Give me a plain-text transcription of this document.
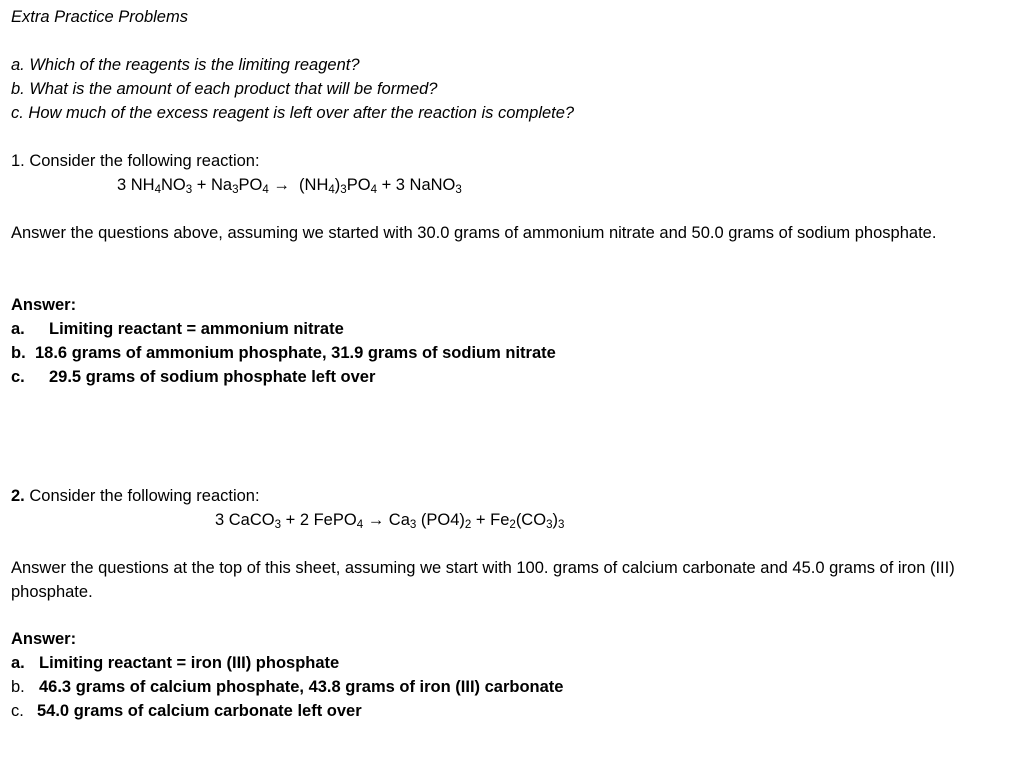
Extra Practice Problems
a. Which of the reagents is the limiting reagent?
b. What is the amount of each product that will be formed?
c. How much of the excess reagent is left over after the reaction is complete?
1. Consider the following reaction:
3 $NH_4NO_3 + Na_3PO_4 \to (NH_4)_3PO_4 + 3$ NaNO$_3$
Answer the questions above, assuming we started with 30.0 grams of ammonium nitrate and 50.0 grams of sodium phosphate.
Answer:
a. Limiting reactant = ammonium nitrate
b. 18.6 grams of ammonium phosphate, 31.9 grams of sodium nitrate
c. 29.5 grams of sodium phosphate left over
2. Consider the following reaction:
3 CaCO$_3$ + 2 FePO$_4$ → $Ca_3$ $(PO4)_2 + Fe_2(CO_3)_3$
Answer the questions at the top of this sheet, assuming we start with 100. grams of calcium carbonate and 45.0 grams of iron (III) phosphate.
Answer:
a. Limiting reactant = iron (III) phosphate
b. 46.3 grams of calcium phosphate, 43.8 grams of iron (III) carbonate
c. 54.0 grams of calcium carbonate left over
